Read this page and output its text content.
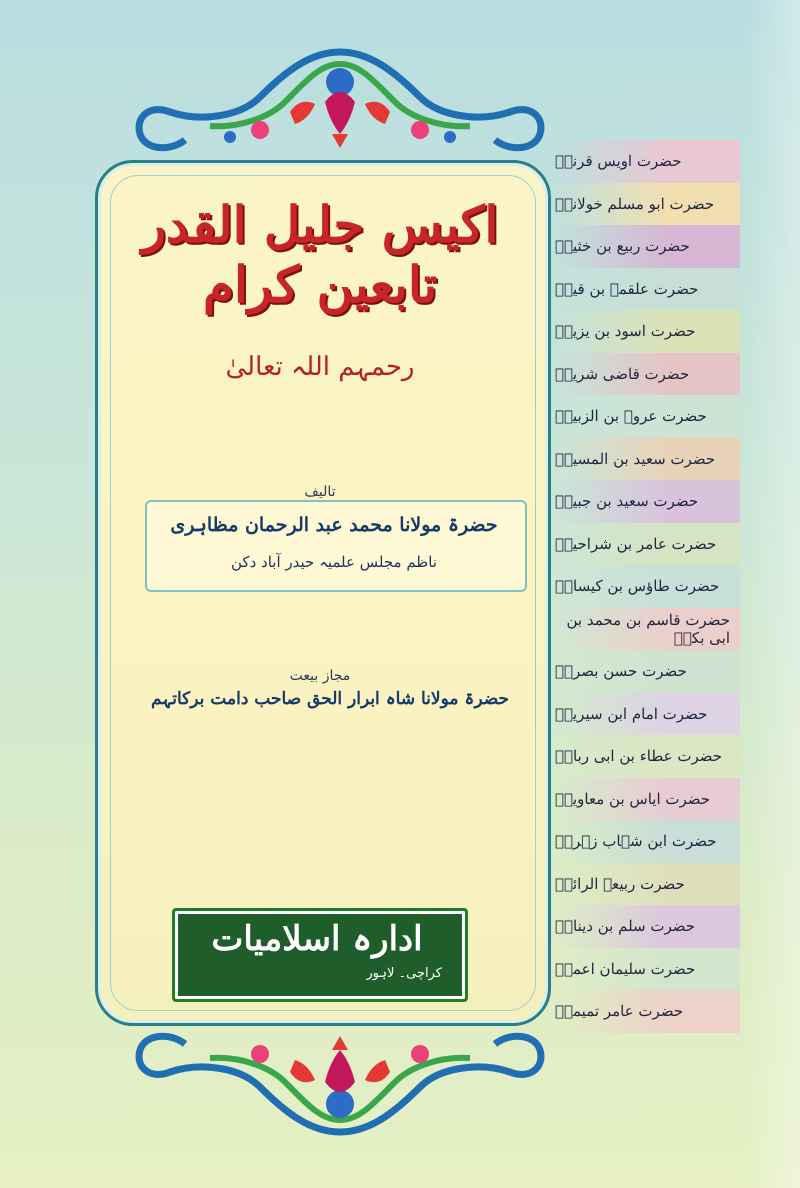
اکیس جلیل القدر تابعین کرام
رحمہم اللہ تعالیٰ
تالیف
حضرۃ مولانا محمد عبد الرحمان مظاہری
ناظم مجلس علمیہ حیدر آباد دکن
مجاز بیعت
حضرۃ مولانا شاہ ابرار الحق صاحب دامت برکاتہم
ادارہ اسلامیات
کراچی۔ لاہور
حضرت اویس قرنیؒ
حضرت ابو مسلم خولانیؒ
حضرت ربیع بن خثیمؒ
حضرت علقمہ بن قیسؒ
حضرت اسود بن یزیدؒ
حضرت قاضی شریحؒ
حضرت عروہ بن الزبیرؒ
حضرت سعید بن المسیبؒ
حضرت سعید بن جبیرؒ
حضرت عامر بن شراحیلؒ
حضرت طاؤس بن کیسانؒ
حضرت قاسم بن محمد بن ابی بکرؒ
حضرت حسن بصریؒ
حضرت امام ابن سیرینؒ
حضرت عطاء بن ابی رباحؒ
حضرت ایاس بن معاویہؒ
حضرت ابن شہاب زہریؒ
حضرت ربیعۃ الرائیؒ
حضرت سلم بن دینارؒ
حضرت سلیمان اعمشؒ
حضرت عامر تمیمیؒ
